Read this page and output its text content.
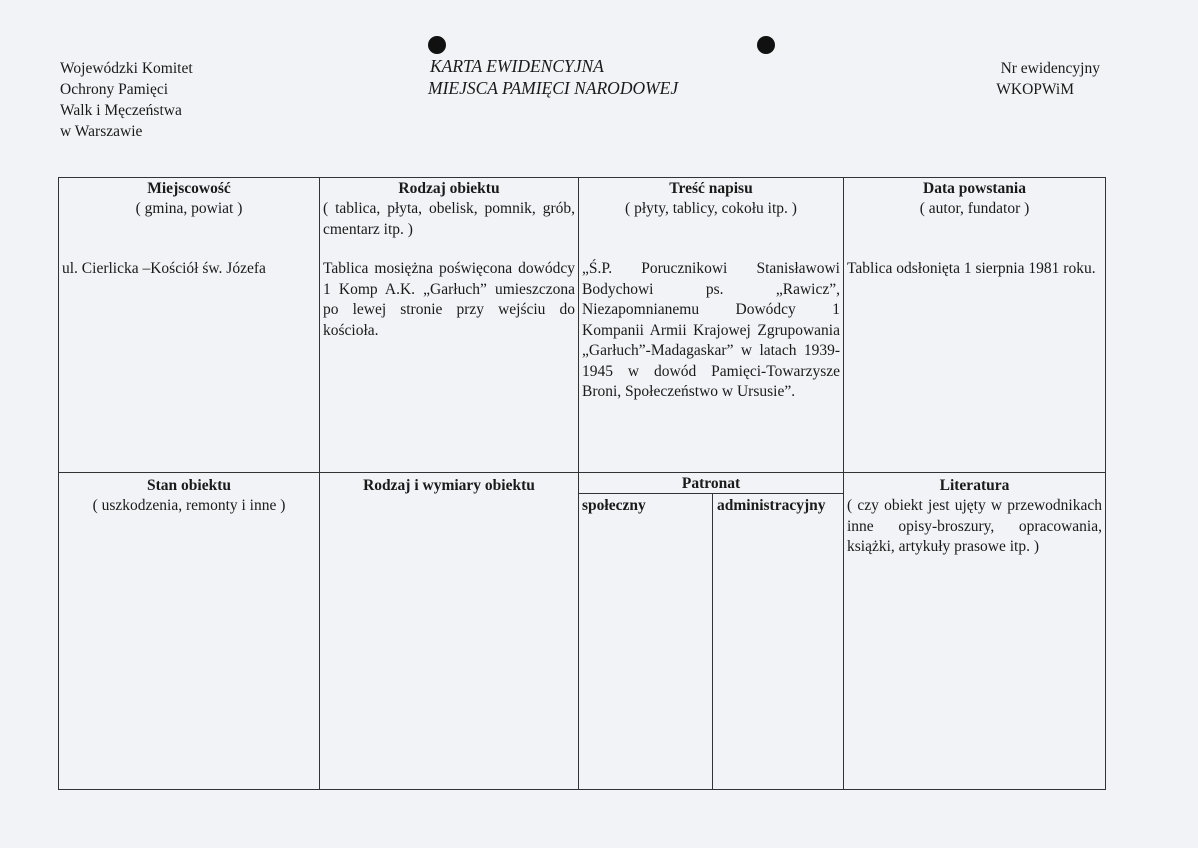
Wojewódzki Komitet
Ochrony Pamięci
Walk i Męczeństwa
w Warszawie
KARTA EWIDENCYJNA
MIEJSCA PAMIĘCI NARODOWEJ
Nr ewidencyjny
WKOPWiM
Miejscowość
( gmina, powiat )
ul. Cierlicka –Kościół św. Józefa
Rodzaj obiektu
( tablica, płyta, obelisk, pomnik, grób, cmentarz itp. )
Tablica mosiężna poświęcona dowódcy 1 Komp A.K. „Garłuch” umieszczona po lewej stronie przy wejściu do kościoła.
Treść napisu
( płyty, tablicy, cokołu itp. )
„Ś.P. Porucznikowi Stanisławowi Bodychowi ps. „Rawicz”, Niezapomnianemu Dowódcy 1 Kompanii Armii Krajowej Zgrupowania „Garłuch”-Madagaskar” w latach 1939-1945 w dowód Pamięci-Towarzysze Broni, Społeczeństwo w Ursusie”.
Data powstania
( autor, fundator )
Tablica odsłonięta 1 sierpnia 1981 roku.
Stan obiektu
( uszkodzenia, remonty i inne )
Rodzaj i wymiary obiektu	Patronat
społeczny	administracyjny
Literatura
( czy obiekt jest ujęty w przewodnikach inne opisy-broszury, opracowania, książki, artykuły prasowe itp. )
